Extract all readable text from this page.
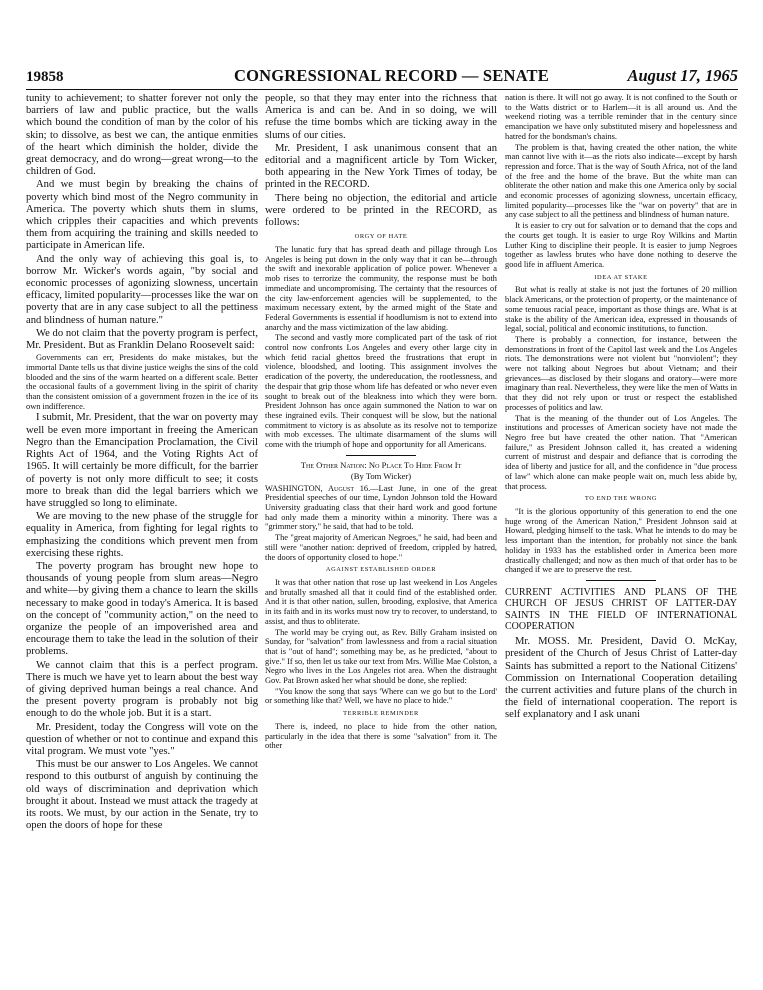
19858	CONGRESSIONAL RECORD — SENATE	August 17, 1965

tunity to achievement; to shatter forever not only the barriers of law and public practice, but the walls which bound the condition of man by the color of his skin; to dissolve, as best we can, the antique enmities of the heart which diminish the holder, divide the great democracy, and do wrong—great wrong—to the children of God.

And we must begin by breaking the chains of poverty which bind most of the Negro community in America. The poverty which shuts them in slums, which cripples their capacities and which prevents them from acquiring the training and skills needed to participate in American life.

And the only way of achieving this goal is, to borrow Mr. Wicker's words again, "by social and economic processes of agonizing slowness, uncertain efficacy, limited popularity—processes like the war on poverty that are in any case subject to all the pettiness and blindness of human nature."

We do not claim that the poverty program is perfect, Mr. President. But as Franklin Delano Roosevelt said:

Governments can err, Presidents do make mistakes, but the immortal Dante tells us that divine justice weighs the sins of the cold blooded and the sins of the warm hearted on a different scale. Better the occasional faults of a government living in the spirit of charity than the consistent omission of a government frozen in the ice of its own indifference.

I submit, Mr. President, that the war on poverty may well be even more important in freeing the American Negro than the Emancipation Proclamation, the Civil Rights Act of 1964, and the Voting Rights Act of 1965. It will certainly be more difficult, for the barrier of poverty is not only more difficult to see; it costs more to break than did the legal barriers which we have struggled so long to eliminate.

We are moving to the new phase of the struggle for equality in America, from fighting for legal rights to emphasizing the conditions which prevent men from exercising these rights.

The poverty program has brought new hope to thousands of young people from slum areas—Negro and white—by giving them a chance to learn the skills necessary to make good in today's America. It is based on the concept of "community action," on the need to organize the people of an impoverished area and encourage them to take the lead in the solution of their problems.

We cannot claim that this is a perfect program. There is much we have yet to learn about the best way of giving deprived human beings a real chance. And the present poverty program is probably not big enough to do the whole job. But it is a start.

Mr. President, today the Congress will vote on the question of whether or not to continue and expand this vital program. We must vote "yes."

This must be our answer to Los Angeles. We cannot respond to this outburst of anguish by continuing the old ways of discrimination and deprivation which brought it about. Instead we must attack the tragedy at its roots. We must, by our action in the Senate, try to open the doors of hope for these

people, so that they may enter into the richness that America is and can be. And in so doing, we will refuse the time bombs which are ticking away in the slums of our cities.

Mr. President, I ask unanimous consent that an editorial and a magnificent article by Tom Wicker, both appearing in the New York Times of today, be printed in the RECORD.

There being no objection, the editorial and article were ordered to be printed in the RECORD, as follows:

ORGY OF HATE

The lunatic fury that has spread death and pillage through Los Angeles is being put down in the only way that it can be—through the swift and inexorable application of police power. Whenever a mob rises to terrorize the community, the response must be both immediate and uncompromising. The certainty that the resources of the city law-enforcement agencies will be supplemented, to the maximum necessary extent, by the armed might of the State and Federal Governments is essential if hoodlumism is not to extend into anarchy and the mass victimization of the law abiding.

The second and vastly more complicated part of the task of riot control now confronts Los Angeles and every other large city in which fetid racial ghettos breed the frustrations that erupt in violence, bloodshed, and looting. This assignment involves the eradication of the poverty, the undereducation, the rootlessness, and the despair that grip those whom life has defeated or who never even sought to break out of the bleakness into which they were born. President Johnson has once again summoned the Nation to war on these ingrained evils. Their conquest will be slow, but the national commitment to victory is as absolute as its resolve not to temporize with mob excesses. The ultimate disarmament of the slums will come with the triumph of hope and opportunity for all Americans.

The Other Nation: No Place To Hide From It
(By Tom Wicker)

WASHINGTON, August 16.—Last June, in one of the great Presidential speeches of our time, Lyndon Johnson told the Howard University graduating class that their hard work and good fortune had only made them a minority within a minority. There was a "grimmer story," he said, that had to be told.

The "great majority of American Negroes," he said, had been and still were "another nation: deprived of freedom, crippled by hatred, the doors of opportunity closed to hope."

AGAINST ESTABLISHED ORDER

It was that other nation that rose up last weekend in Los Angeles and brutally smashed all that it could find of the established order. And it is that other nation, sullen, brooding, explosive, that America in its faith and in its works must now try to recover, to understand, to assist, and thus to obliterate.

The world may be crying out, as Rev. Billy Graham insisted on Sunday, for "salvation" from lawlessness and from a racial situation that is "out of hand"; something may be, as he predicted, "about to give." If so, then let us take our text from Mrs. Willie Mae Colston, a Negro who lives in the Los Angeles riot area. When the distraught Gov. Pat Brown asked her what should be done, she replied:

"You know the song that says 'Where can we go but to the Lord' or something like that? Well, we have no place to hide."

TERRIBLE REMINDER

There is, indeed, no place to hide from the other nation, particularly in the idea that there is some "salvation" from it. The other

nation is there. It will not go away. It is not confined to the South or to the Watts district or to Harlem—it is all around us. And the weekend rioting was a terrible reminder that in the century since emancipation we have only substituted misery and hopelessness and hatred for the bondsman's chains.

The problem is that, having created the other nation, the white man cannot live with it—as the riots also indicate—except by harsh repression and force. That is the way of South Africa, not of the land of the free and the home of the brave. But the white man can obliterate the other nation and make this one America only by social and economic processes of agonizing slowness, uncertain efficacy, limited popularity—processes like the "war on poverty" that are in any case subject to all the pettiness and blindness of human nature.

It is easier to cry out for salvation or to demand that the cops and the courts get tough. It is easier to urge Roy Wilkins and Martin Luther King to discipline their people. It is easier to jump Negroes together as lawless brutes who have done nothing to deserve the good life in affluent America.

IDEA AT STAKE

But what is really at stake is not just the fortunes of 20 million black Americans, or the protection of property, or the maintenance of some tenuous racial peace, important as those things are. What is at stake is the ability of the American idea, expressed in thousands of legal, social, political and economic institutions, to function.

There is probably a connection, for instance, between the demonstrations in front of the Capitol last week and the Los Angeles riots. The demonstrations were not violent but "nonviolent"; they were not talking about Negroes but about Vietnam; and their grievances—as disclosed by their slogans and oratory—were more imaginary than real. Nevertheless, they were like the men of Watts in that they did not rely upon or trust or respect the established processes of politics and law.

That is the meaning of the thunder out of Los Angeles. The institutions and processes of American society have not made the Negro free but have created the other nation. That "American failure," as President Johnson called it, has created a widening current of mistrust and despair and defiance that is corroding the idea of liberty and justice for all, and the confidence in "due process of law" which alone can make people wait on, much less abide by, that process.

TO END THE WRONG

"It is the glorious opportunity of this generation to end the one huge wrong of the American Nation," President Johnson said at Howard, pledging himself to the task. What he intends to do may be less important than the intention, for probably not since the bank holiday in 1933 has the established order in America been more drastically challenged; and now as then much of that order has to be changed if we are to preserve the rest.

CURRENT ACTIVITIES AND PLANS OF THE CHURCH OF JESUS CHRIST OF LATTER-DAY SAINTS IN THE FIELD OF INTERNATIONAL COOPERATION

Mr. MOSS. Mr. President, David O. McKay, president of the Church of Jesus Christ of Latter-day Saints has submitted a report to the National Citizens' Commission on International Cooperation detailing the current activities and future plans of the church in the field of international cooperation. The report is self explanatory and I ask unani
